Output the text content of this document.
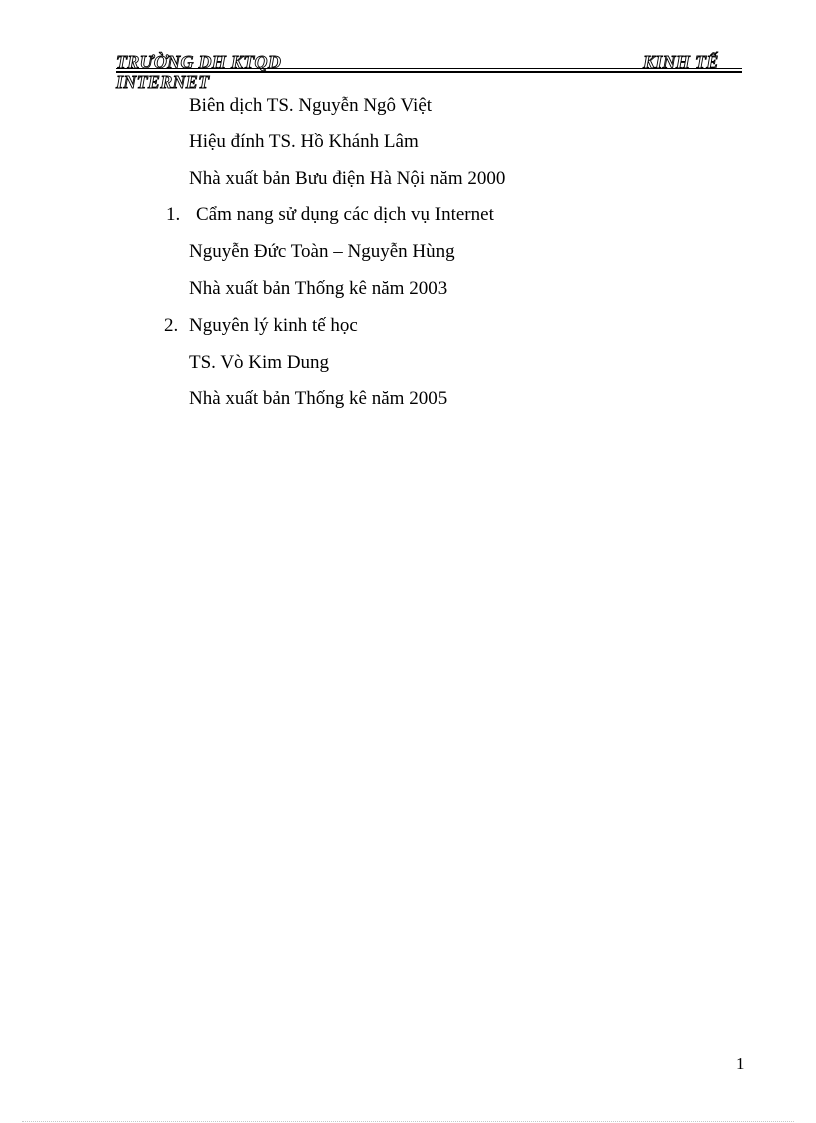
TRƯỜNG DH KTQD	KINH TẾ
INTERNET
Biên dịch TS. Nguyễn Ngô Việt
Hiệu đính TS. Hồ Khánh Lâm
Nhà xuất bản Bưu điện Hà Nội năm 2000
1. Cẩm nang sử dụng các dịch vụ Internet
Nguyễn Đức Toàn – Nguyễn Hùng
Nhà xuất bản Thống kê năm 2003
2. Nguyên lý kinh tế học
TS. Vò Kim Dung
Nhà xuất bản Thống kê năm 2005
1
